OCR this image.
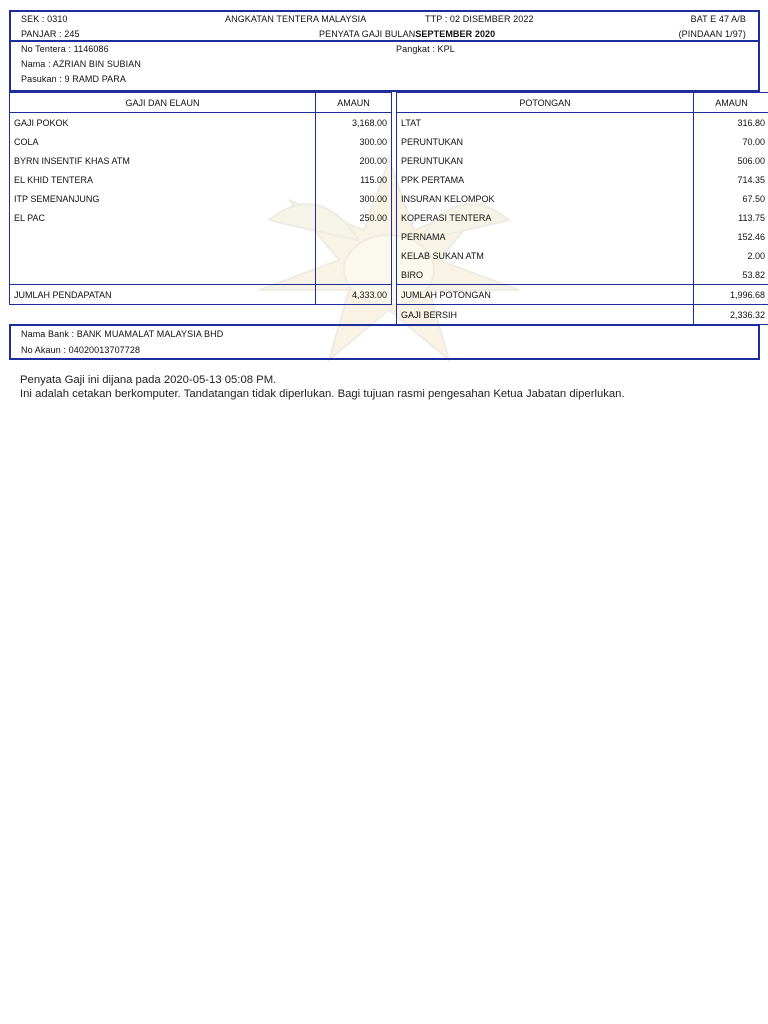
SEK : 0310
PANJAR : 245
ANGKATAN TENTERA MALAYSIA
PENYATA GAJI BULANSEPTEMBER 2020
TTP : 02 DISEMBER 2022	BAT E 47 A/B
(PINDAAN 1/97)
No Tentera : 1146086
Nama : AZRIAN BIN SUBIAN
Pasukan : 9 RAMD PARA
Pangkat : KPL
GAJI DAN ELAUN	AMAUN		POTONGAN	AMAUN
GAJI POKOK	3,168.00		LTAT	316.80
COLA	300.00		PERUNTUKAN	70.00
BYRN INSENTIF KHAS ATM	200.00		PERUNTUKAN	506.00
EL KHID TENTERA	115.00		PPK PERTAMA	714.35
ITP SEMENANJUNG	300.00		INSURAN KELOMPOK	67.50
EL PAC	250.00		KOPERASI TENTERA	113.75
			PERNAMA	152.46
			KELAB SUKAN ATM	2.00
			BIRO	53.82
JUMLAH PENDAPATAN	4,333.00		JUMLAH POTONGAN	1,996.68
			GAJI BERSIH	2,336.32
Nama Bank : BANK MUAMALAT MALAYSIA BHD
No Akaun : 04020013707728
Penyata Gaji ini dijana pada 2020-05-13 05:08 PM.
Ini adalah cetakan berkomputer. Tandatangan tidak diperlukan. Bagi tujuan rasmi pengesahan Ketua Jabatan diperlukan.
